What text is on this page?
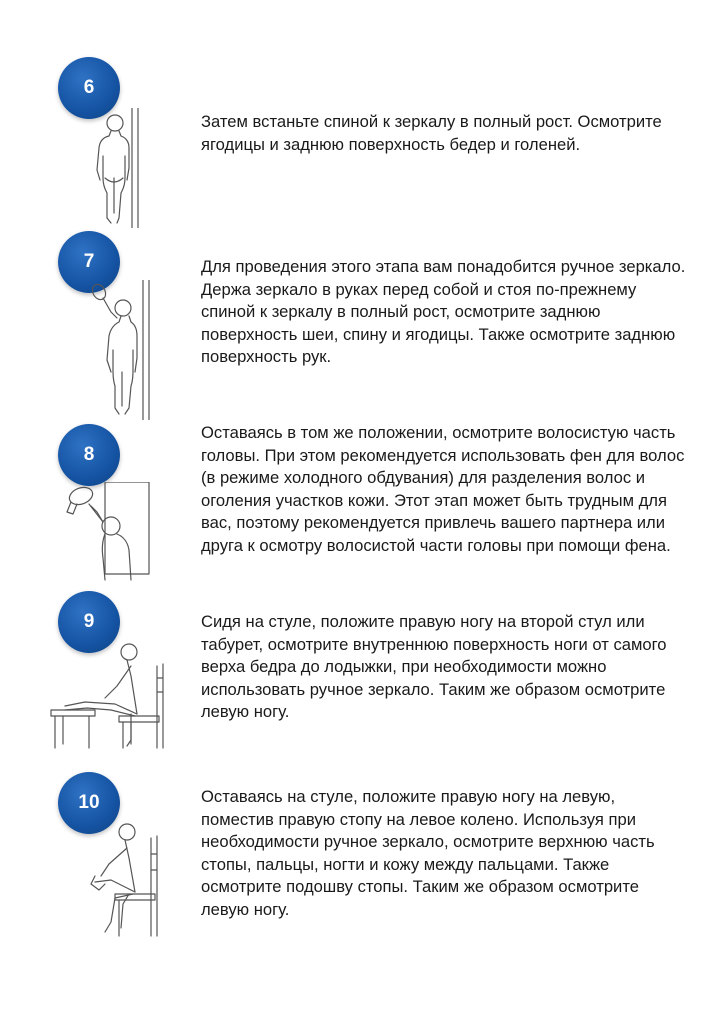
6

Затем встаньте спиной к зеркалу в полный рост. Осмотрите ягодицы и заднюю поверхность бедер и голеней.

7	Для проведения этого этапа вам понадобится ручное зеркало. Держа зеркало в руках перед собой и стоя по-прежнему спиной к зеркалу в полный рост, осмотрите заднюю поверхность шеи, спину и ягодицы. Также осмотрите заднюю поверхность рук.

8

Оставаясь в том же положении, осмотрите волосистую часть головы. При этом рекомендуется использовать фен для волос (в режиме холодного обдувания) для разделения волос и оголения участков кожи. Этот этап может быть трудным для вас, поэтому рекомендуется привлечь вашего партнера или друга к осмотру волосистой части головы при помощи фена.

9	Сидя на стуле, положите правую ногу на второй стул или табурет, осмотрите внутреннюю поверхность ноги от самого верха бедра до лодыжки, при необходимости можно использовать ручное зеркало. Таким же образом осмотрите левую ногу.

10	Оставаясь на стуле, положите правую ногу на левую, поместив правую стопу на левое колено. Используя при необходимости ручное зеркало, осмотрите верхнюю часть стопы, пальцы, ногти и кожу между пальцами. Также осмотрите подошву стопы. Таким же образом осмотрите левую ногу.
